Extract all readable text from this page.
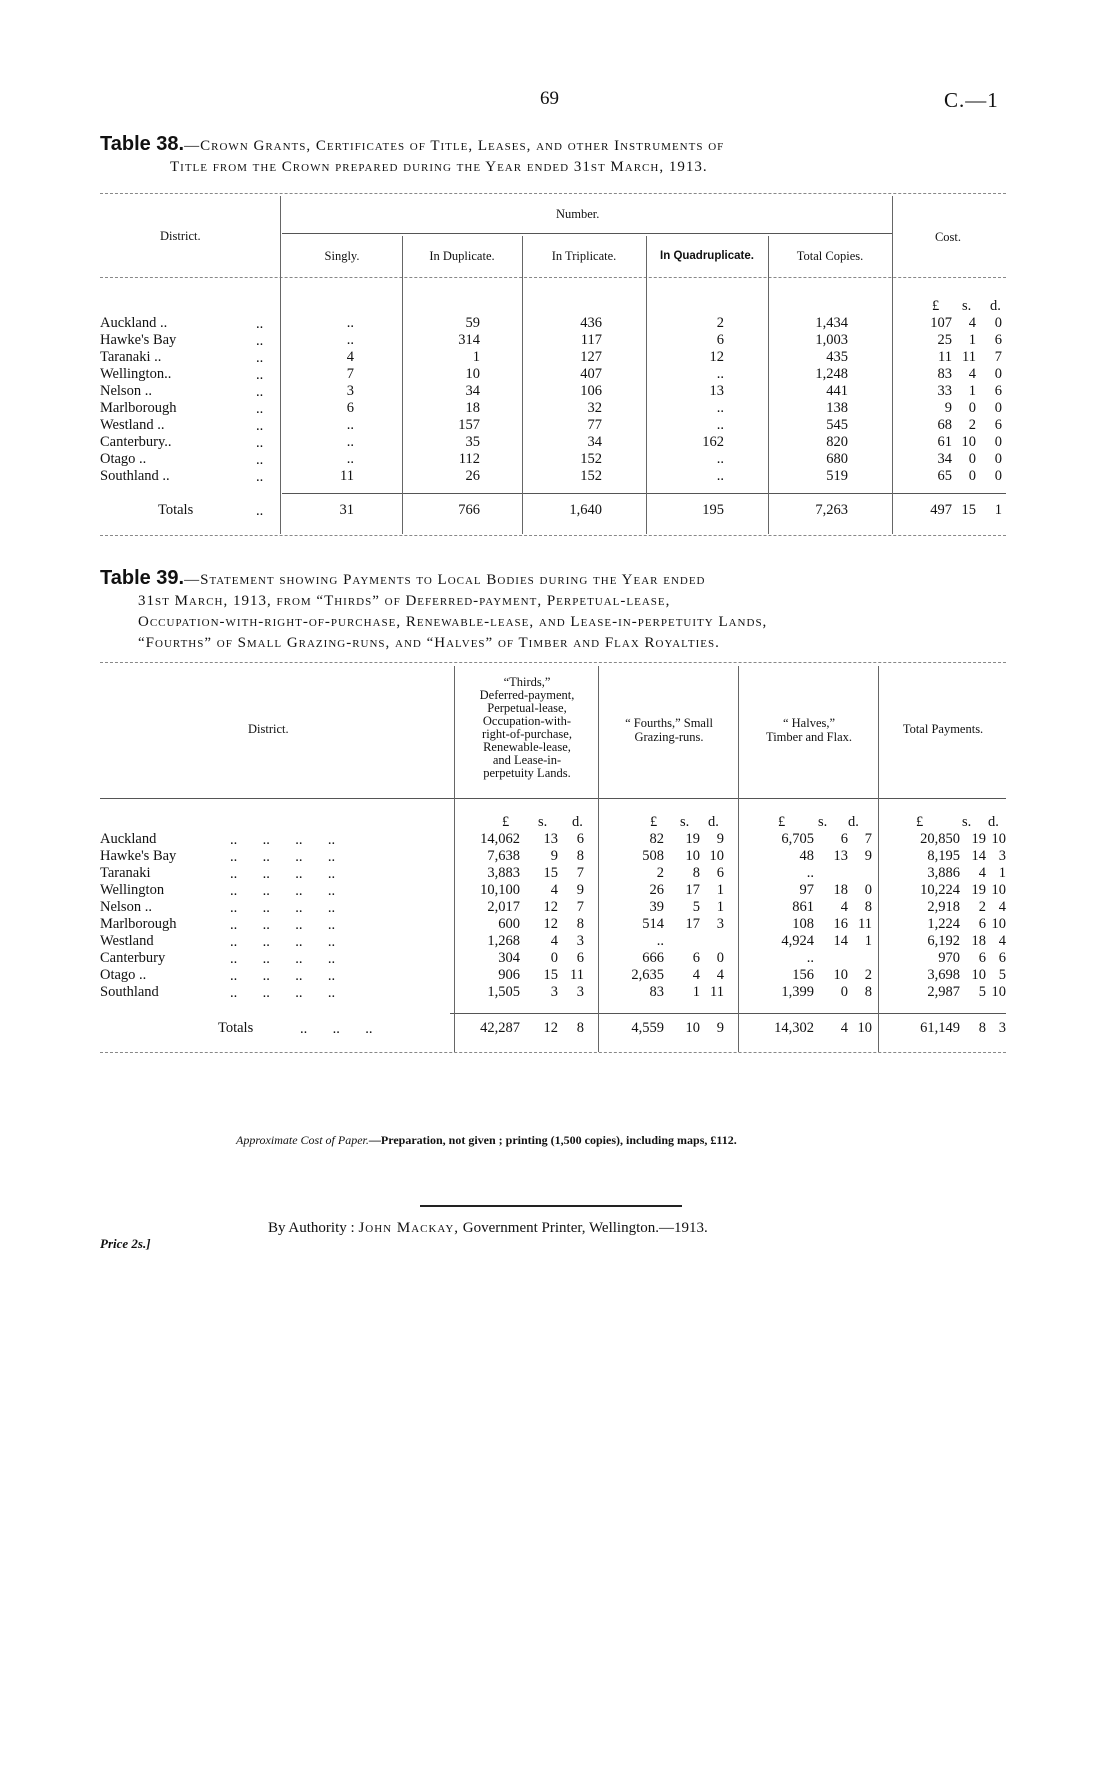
69	C.—1
Table 38.—Crown Grants, Certificates of Title, Leases, and other Instruments of
Title from the Crown prepared during the Year ended 31st March, 1913.
District.
Number.
Singly.	In Duplicate.	In Triplicate.	In Quadruplicate.	Total Copies.
Cost.
£ s. d.
Auckland ..	..	..	59	436	2	1,434	107	4	0
Hawke's Bay	..	..	314	117	6	1,003	25	1	6
Taranaki ..	..	4	1	127	12	435	11 11	7
Wellington..	..	7	10	407	..	1,248	83	4	0
Nelson ..	..	3	34	106	13	441	33	1	6
Marlborough	..	6	18	32	..	138	9	0	0
Westland ..	..	..	157	77	..	545	68	2	6
Canterbury..	..	..	35	34	162	820	61 10	0
Otago ..	..	..	112	152	..	680	34	0	0
Southland ..	..	11	26	152	..	519	65	0	0
Totals	..	31	766	1,640	195	7,263	497 15	1
Table 39.—Statement showing Payments to Local Bodies during the Year ended
31st March, 1913, from “Thirds” of Deferred-payment, Perpetual-lease,
Occupation-with-right-of-purchase, Renewable-lease, and Lease-in-perpetuity Lands,
“Fourths” of Small Grazing-runs, and “Halves” of Timber and Flax Royalties.
District.
“Thirds,”
Deferred-payment,
Perpetual-lease,
Occupation-with-
right-of-purchase,
Renewable-lease,
and Lease-in-
perpetuity Lands.
“ Fourths,” Small
Grazing-runs.
“ Halves,”
Timber and Flax.
Total Payments.
£ s. d.	£ s. d.	£ s. d.	£	s. d.
Auckland	..       ..       ..       ..	14,062	13	6	82	19	9	6,705	6	7	20,850 19 10
Hawke's Bay	..       ..       ..       ..	7,638	9	8	508	10 10	48	13	9	8,195 14 3
Taranaki	..       ..       ..       ..	3,883	15	7	2	8	6	..	3,886	4 1
Wellington	..       ..       ..       ..	10,100	4	9	26	17	1	97	18	0	10,224 19 10
Nelson ..	..       ..       ..       ..	2,017	12	7	39	5	1	861	4	8	2,918	2 4
Marlborough	..       ..       ..       ..	600	12	8	514	17	3	108	16 11	1,224	6 10
Westland	..       ..       ..       ..	1,268	4	3	..	4,924	14	1	6,192 18 4
Canterbury	..       ..       ..       ..	304	0	6	666	6	0	..	970	6 6
Otago ..	..       ..       ..       ..	906	15 11	2,635	4	4	156	10	2	3,698 10 5
Southland	..       ..       ..       ..	1,505	3	3	83	1 11	1,399	0	8	2,987	5 10
Totals	..       ..       ..	42,287	12	8	4,559	10	9	14,302	4 10	61,149	8 3
Approximate Cost of Paper.—Preparation, not given ; printing (1,500 copies), including maps, £112.
Price 2s.]
By Authority : John Mackay, Government Printer, Wellington.—1913.
